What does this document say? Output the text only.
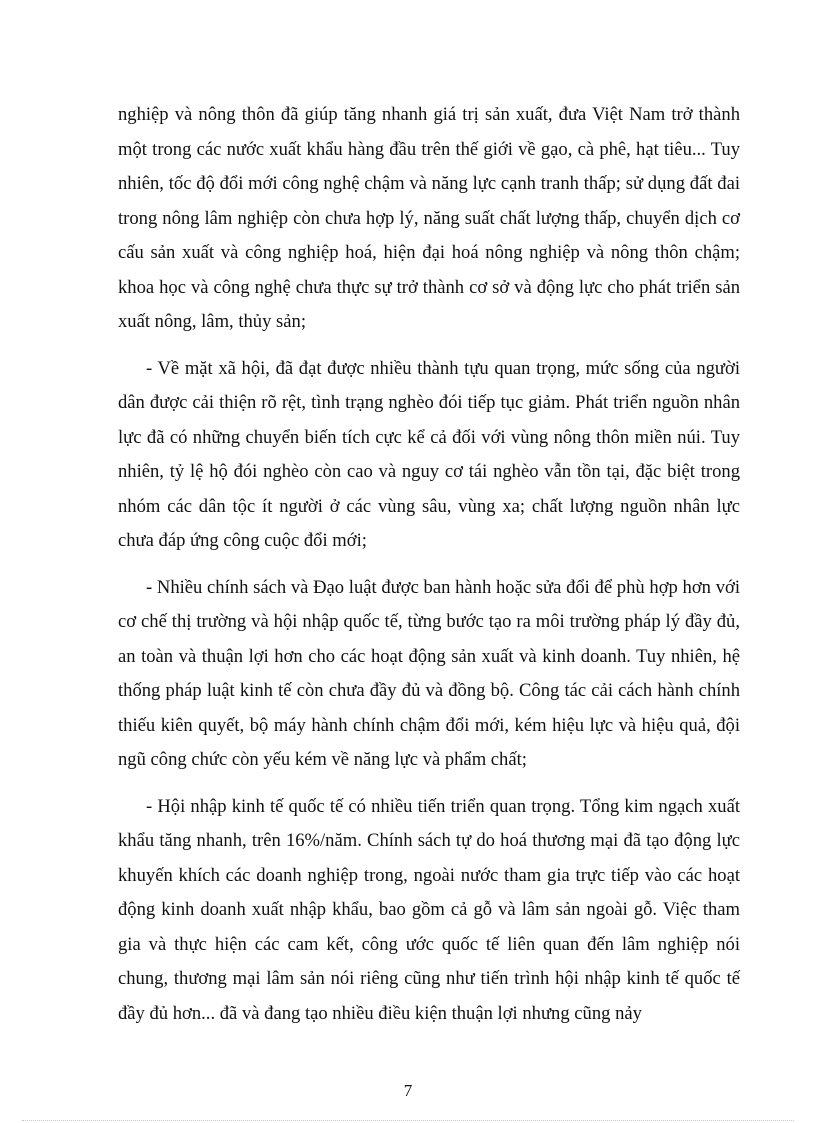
nghiệp và nông thôn đã giúp tăng nhanh giá trị sản xuất, đưa Việt Nam trở thành một trong các nước xuất khẩu hàng đầu trên thế giới về gạo, cà phê, hạt tiêu... Tuy nhiên, tốc độ đổi mới công nghệ chậm và năng lực cạnh tranh thấp; sử dụng đất đai trong nông lâm nghiệp còn chưa hợp lý, năng suất chất lượng thấp, chuyển dịch cơ cấu sản xuất và công nghiệp hoá, hiện đại hoá nông nghiệp và nông thôn chậm; khoa học và công nghệ chưa thực sự trở thành cơ sở và động lực cho phát triển sản xuất nông, lâm, thủy sản;

- Về mặt xã hội, đã đạt được nhiều thành tựu quan trọng, mức sống của người dân được cải thiện rõ rệt, tình trạng nghèo đói tiếp tục giảm. Phát triển nguồn nhân lực đã có những chuyển biến tích cực kể cả đối với vùng nông thôn miền núi. Tuy nhiên, tỷ lệ hộ đói nghèo còn cao và nguy cơ tái nghèo vẫn tồn tại, đặc biệt trong nhóm các dân tộc ít người ở các vùng sâu, vùng xa; chất lượng nguồn nhân lực chưa đáp ứng công cuộc đổi mới;

- Nhiều chính sách và Đạo luật được ban hành hoặc sửa đổi để phù hợp hơn với cơ chế thị trường và hội nhập quốc tế, từng bước tạo ra môi trường pháp lý đầy đủ, an toàn và thuận lợi hơn cho các hoạt động sản xuất và kinh doanh. Tuy nhiên, hệ thống pháp luật kinh tế còn chưa đầy đủ và đồng bộ. Công tác cải cách hành chính thiếu kiên quyết, bộ máy hành chính chậm đổi mới, kém hiệu lực và hiệu quả, đội ngũ công chức còn yếu kém về năng lực và phẩm chất;

- Hội nhập kinh tế quốc tế có nhiều tiến triển quan trọng. Tổng kim ngạch xuất khẩu tăng nhanh, trên 16%/năm. Chính sách tự do hoá thương mại đã tạo động lực khuyến khích các doanh nghiệp trong, ngoài nước tham gia trực tiếp vào các hoạt động kinh doanh xuất nhập khẩu, bao gồm cả gỗ và lâm sản ngoài gỗ. Việc tham gia và thực hiện các cam kết, công ước quốc tế liên quan đến lâm nghiệp nói chung, thương mại lâm sản nói riêng cũng như tiến trình hội nhập kinh tế quốc tế đầy đủ hơn... đã và đang tạo nhiều điều kiện thuận lợi nhưng cũng nảy

7
